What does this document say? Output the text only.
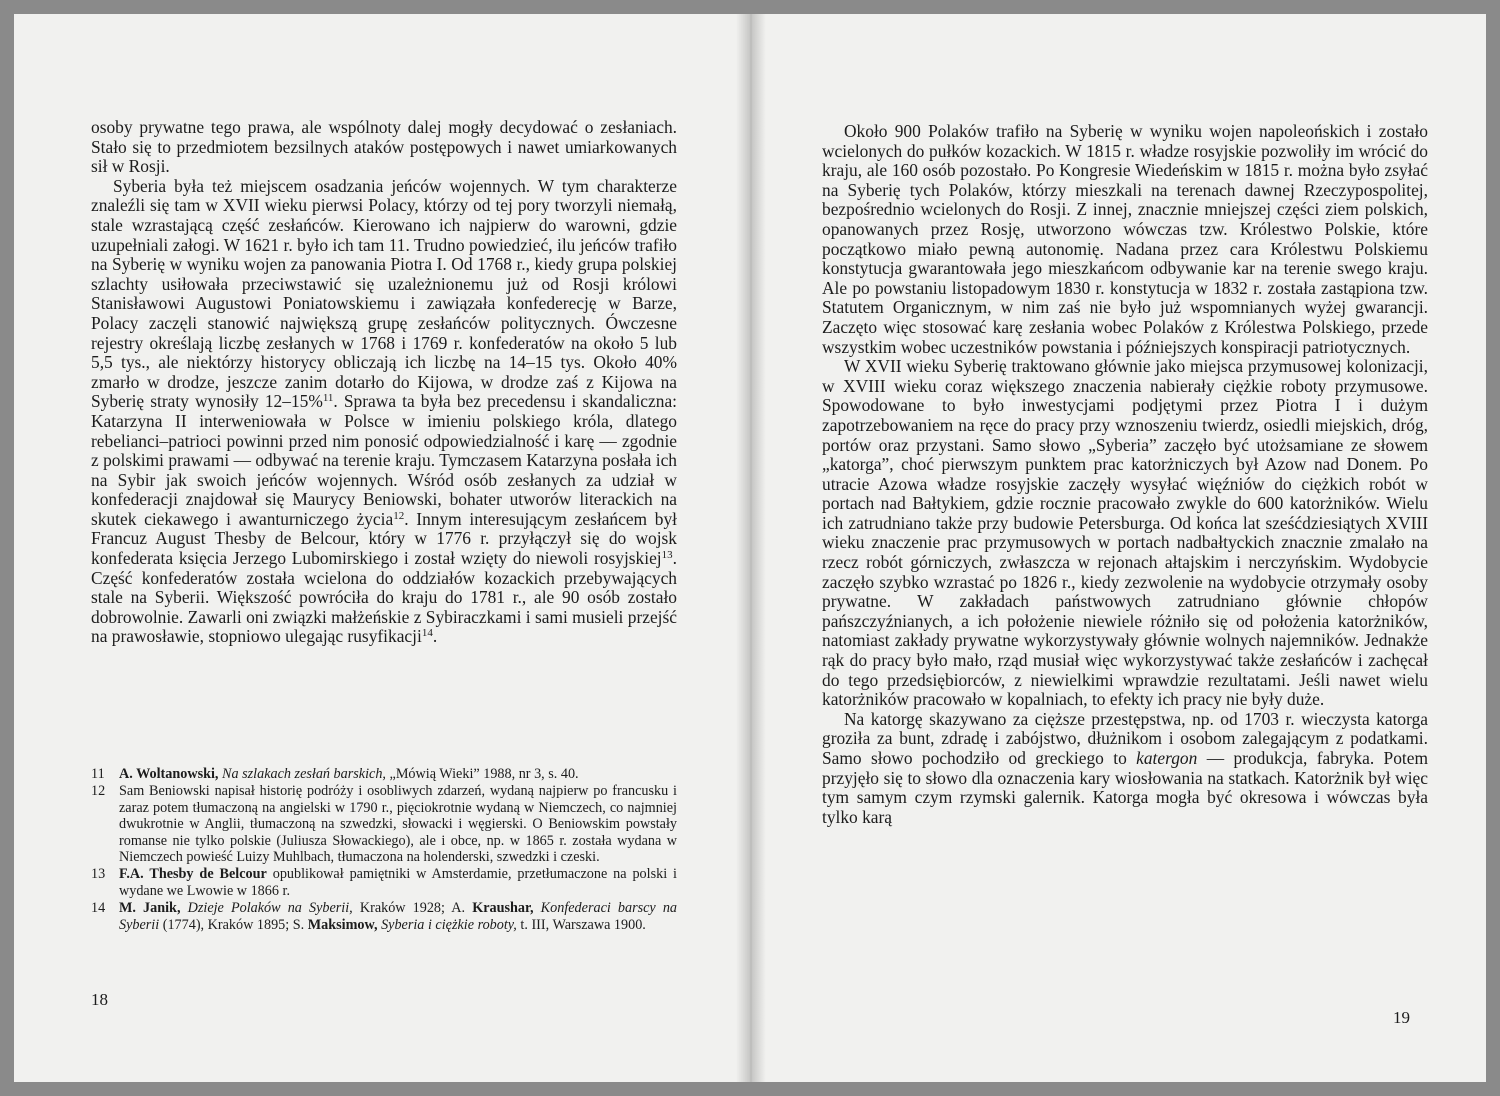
osoby prywatne tego prawa, ale wspólnoty dalej mogły decydować o zesłaniach. Stało się to przedmiotem bezsilnych ataków postępowych i nawet umiarkowanych sił w Rosji.

Syberia była też miejscem osadzania jeńców wojennych. W tym charakterze znaleźli się tam w XVII wieku pierwsi Polacy, którzy od tej pory tworzyli niemałą, stale wzrastającą część zesłańców. Kierowano ich najpierw do warowni, gdzie uzupełniali załogi. W 1621 r. było ich tam 11. Trudno powiedzieć, ilu jeńców trafiło na Syberię w wyniku wojen za panowania Piotra I. Od 1768 r., kiedy grupa polskiej szlachty usiłowała przeciwstawić się uzależnionemu już od Rosji królowi Stanisławowi Augustowi Poniatowskiemu i zawiązała konfederecję w Barze, Polacy zaczęli stanowić największą grupę zesłańców politycznych. Ówczesne rejestry określają liczbę zesłanych w 1768 i 1769 r. konfederatów na około 5 lub 5,5 tys., ale niektórzy historycy obliczają ich liczbę na 14–15 tys. Około 40% zmarło w drodze, jeszcze zanim dotarło do Kijowa, w drodze zaś z Kijowa na Syberię straty wynosiły 12–15%$^{11}$. Sprawa ta była bez precedensu i skandaliczna: Katarzyna II interweniowała w Polsce w imieniu polskiego króla, dlatego rebelianci–patrioci powinni przed nim ponosić odpowiedzialność i karę — zgodnie z polskimi prawami — odbywać na terenie kraju. Tymczasem Katarzyna posłała ich na Sybir jak swoich jeńców wojennych. Wśród osób zesłanych za udział w konfederacji znajdował się Maurycy Beniowski, bohater utworów literackich na skutek ciekawego i awanturniczego życia$^{12}$. Innym interesującym zesłańcem był Francuz August Thesby de Belcour, który w 1776 r. przyłączył się do wojsk konfederata księcia Jerzego Lubomirskiego i został wzięty do niewoli rosyjskiej$^{13}$. Część konfederatów została wcielona do oddziałów kozackich przebywających stale na Syberii. Większość powróciła do kraju do 1781 r., ale 90 osób zostało dobrowolnie. Zawarli oni związki małżeńskie z Sybiraczkami i sami musieli przejść na prawosławie, stopniowo ulegając rusyfikacji$^{14}$.

11	A. Woltanowski, Na szlakach zesłań barskich, „Mówią Wieki” 1988, nr 3, s. 40.
12 Sam Beniowski napisał historię podróży i osobliwych zdarzeń, wydaną najpierw po francusku i zaraz potem tłumaczoną na angielski w 1790 r., pięciokrotnie wydaną w Niemczech, co najmniej dwukrotnie w Anglii, tłumaczoną na szwedzki, słowacki i węgierski. O Beniowskim powstały romanse nie tylko polskie (Juliusza Słowackiego), ale i obce, np. w 1865 r. została wydana w Niemczech powieść Luizy Muhlbach, tłumaczona na holenderski, szwedzki i czeski.
13 F.A. Thesby de Belcour opublikował pamiętniki w Amsterdamie, przetłumaczone na polski i wydane we Lwowie w 1866 r.
14 M. Janik, Dzieje Polaków na Syberii, Kraków 1928; A. Kraushar, Konfederaci barscy na Syberii (1774), Kraków 1895; S. Maksimow, Syberia i ciężkie roboty, t. III, Warszawa 1900.
18

Około 900 Polaków trafiło na Syberię w wyniku wojen napoleońskich i zostało wcielonych do pułków kozackich. W 1815 r. władze rosyjskie pozwoliły im wrócić do kraju, ale 160 osób pozostało. Po Kongresie Wiedeńskim w 1815 r. można było zsyłać na Syberię tych Polaków, którzy mieszkali na terenach dawnej Rzeczypospolitej, bezpośrednio wcielonych do Rosji. Z innej, znacznie mniejszej części ziem polskich, opanowanych przez Rosję, utworzono wówczas tzw. Królestwo Polskie, które początkowo miało pewną autonomię. Nadana przez cara Królestwu Polskiemu konstytucja gwarantowała jego mieszkańcom odbywanie kar na terenie swego kraju. Ale po powstaniu listopadowym 1830 r. konstytucja w 1832 r. została zastąpiona tzw. Statutem Organicznym, w nim zaś nie było już wspomnianych wyżej gwarancji. Zaczęto więc stosować karę zesłania wobec Polaków z Królestwa Polskiego, przede wszystkim wobec uczestników powstania i późniejszych konspiracji patriotycznych.

W XVII wieku Syberię traktowano głównie jako miejsca przymusowej kolonizacji, w XVIII wieku coraz większego znaczenia nabierały ciężkie roboty przymusowe. Spowodowane to było inwestycjami podjętymi przez Piotra I i dużym zapotrzebowaniem na ręce do pracy przy wznoszeniu twierdz, osiedli miejskich, dróg, portów oraz przystani. Samo słowo „Syberia” zaczęło być utożsamiane ze słowem „katorga”, choć pierwszym punktem prac katorżniczych był Azow nad Donem. Po utracie Azowa władze rosyjskie zaczęły wysyłać więźniów do ciężkich robót w portach nad Bałtykiem, gdzie rocznie pracowało zwykle do 600 katorżników. Wielu ich zatrudniano także przy budowie Petersburga. Od końca lat sześćdziesiątych XVIII wieku znaczenie prac przymusowych w portach nadbałtyckich znacznie zmalało na rzecz robót górniczych, zwłaszcza w rejonach ałtajskim i nerczyńskim. Wydobycie zaczęło szybko wzrastać po 1826 r., kiedy zezwolenie na wydobycie otrzymały osoby prywatne. W zakładach państwowych zatrudniano głównie chłopów pańszczyźnianych, a ich położenie niewiele różniło się od położenia katorżników, natomiast zakłady prywatne wykorzystywały głównie wolnych najemników. Jednakże rąk do pracy było mało, rząd musiał więc wykorzystywać także zesłańców i zachęcał do tego przedsiębiorców, z niewielkimi wprawdzie rezultatami. Jeśli nawet wielu katorżników pracowało w kopalniach, to efekty ich pracy nie były duże.

Na katorgę skazywano za cięższe przestępstwa, np. od 1703 r. wieczysta katorga groziła za bunt, zdradę i zabójstwo, dłużnikom i osobom zalegającym z podatkami. Samo słowo pochodziło od greckiego to katergon — produkcja, fabryka. Potem przyjęło się to słowo dla oznaczenia kary wiosłowania na statkach. Katorżnik był więc tym samym czym rzymski galernik. Katorga mogła być okresowa i wówczas była tylko karą

19
